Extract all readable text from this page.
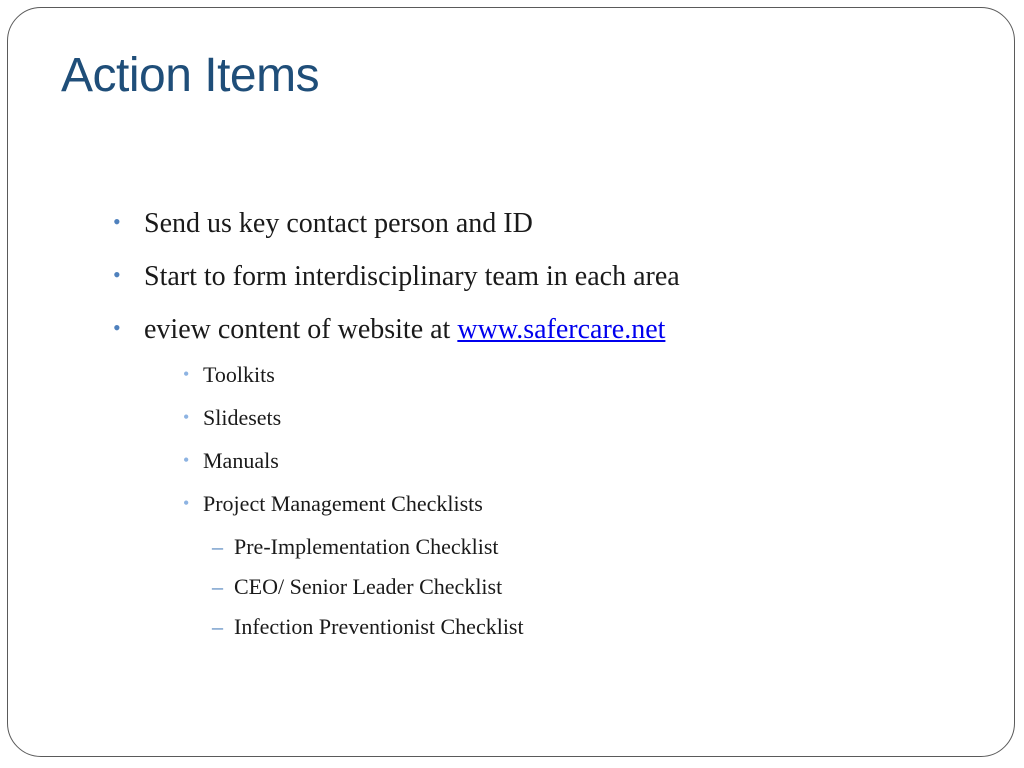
Action Items
• Send us key contact person and ID
• Start to form interdisciplinary team in each area
• eview content of website at www.safercare.net
• Toolkits
• Slidesets
• Manuals
• Project Management Checklists
– Pre-Implementation Checklist
– CEO/ Senior Leader Checklist
– Infection Preventionist Checklist
